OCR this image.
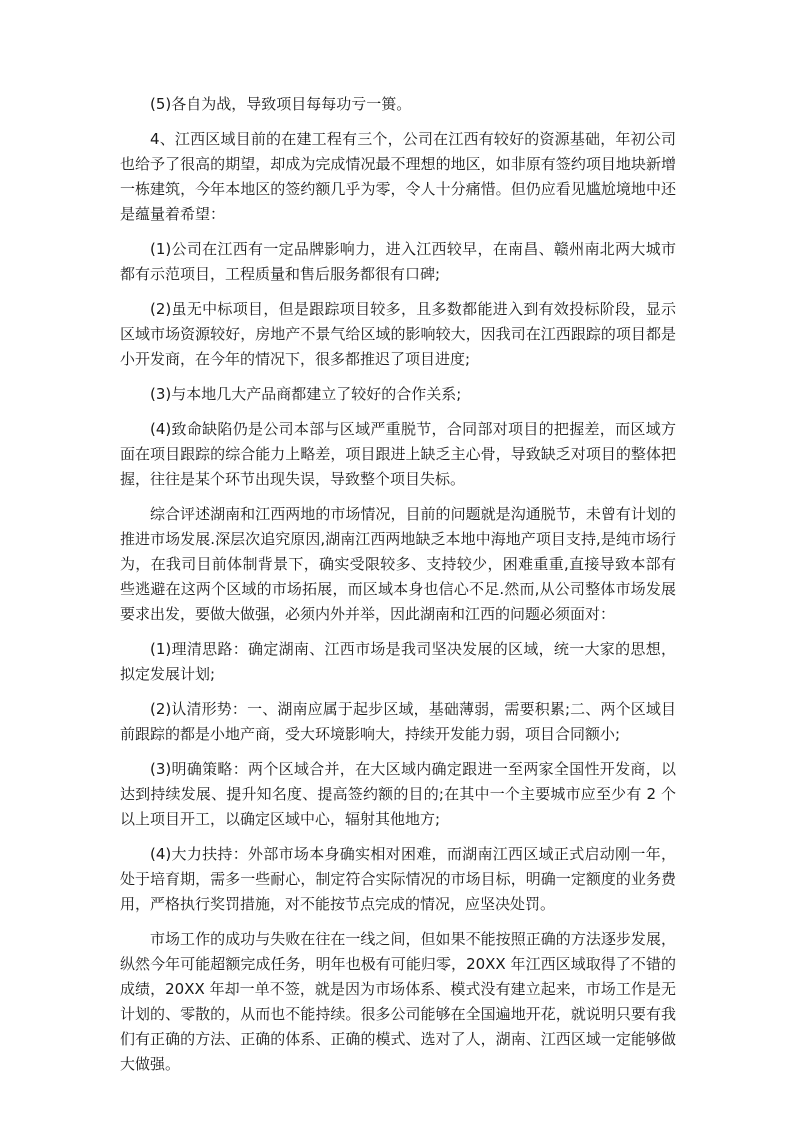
(5)各自为战，导致项目每每功亏一篑。

4、江西区域目前的在建工程有三个，公司在江西有较好的资源基础，年初公司也给予了很高的期望，却成为完成情况最不理想的地区，如非原有签约项目地块新增一栋建筑，今年本地区的签约额几乎为零，令人十分痛惜。但仍应看见尴尬境地中还是蕴量着希望：

(1)公司在江西有一定品牌影响力，进入江西较早，在南昌、赣州南北两大城市都有示范项目，工程质量和售后服务都很有口碑;

(2)虽无中标项目，但是跟踪项目较多，且多数都能进入到有效投标阶段，显示区域市场资源较好，房地产不景气给区域的影响较大，因我司在江西跟踪的项目都是小开发商，在今年的情况下，很多都推迟了项目进度;

(3)与本地几大产品商都建立了较好的合作关系;

(4)致命缺陷仍是公司本部与区域严重脱节，合同部对项目的把握差，而区域方面在项目跟踪的综合能力上略差，项目跟进上缺乏主心骨，导致缺乏对项目的整体把握，往往是某个环节出现失误，导致整个项目失标。

综合评述湖南和江西两地的市场情况，目前的问题就是沟通脱节，未曾有计划的推进市场发展.深层次追究原因,湖南江西两地缺乏本地中海地产项目支持,是纯市场行为，在我司目前体制背景下，确实受限较多、支持较少，困难重重,直接导致本部有些逃避在这两个区域的市场拓展，而区域本身也信心不足.然而,从公司整体市场发展要求出发，要做大做强，必须内外并举，因此湖南和江西的问题必须面对：

(1)理清思路：确定湖南、江西市场是我司坚决发展的区域，统一大家的思想，拟定发展计划;

(2)认清形势：一、湖南应属于起步区域，基础薄弱，需要积累;二、两个区域目前跟踪的都是小地产商，受大环境影响大，持续开发能力弱，项目合同额小;

(3)明确策略：两个区域合并，在大区域内确定跟进一至两家全国性开发商，以达到持续发展、提升知名度、提高签约额的目的;在其中一个主要城市应至少有 2 个以上项目开工，以确定区域中心，辐射其他地方;

(4)大力扶持：外部市场本身确实相对困难，而湖南江西区域正式启动刚一年，处于培育期，需多一些耐心，制定符合实际情况的市场目标，明确一定额度的业务费用，严格执行奖罚措施，对不能按节点完成的情况，应坚决处罚。

市场工作的成功与失败在往在一线之间，但如果不能按照正确的方法逐步发展，纵然今年可能超额完成任务，明年也极有可能归零，20XX 年江西区域取得了不错的成绩，20XX 年却一单不签，就是因为市场体系、模式没有建立起来，市场工作是无计划的、零散的，从而也不能持续。很多公司能够在全国遍地开花，就说明只要有我们有正确的方法、正确的体系、正确的模式、选对了人，湖南、江西区域一定能够做大做强。
